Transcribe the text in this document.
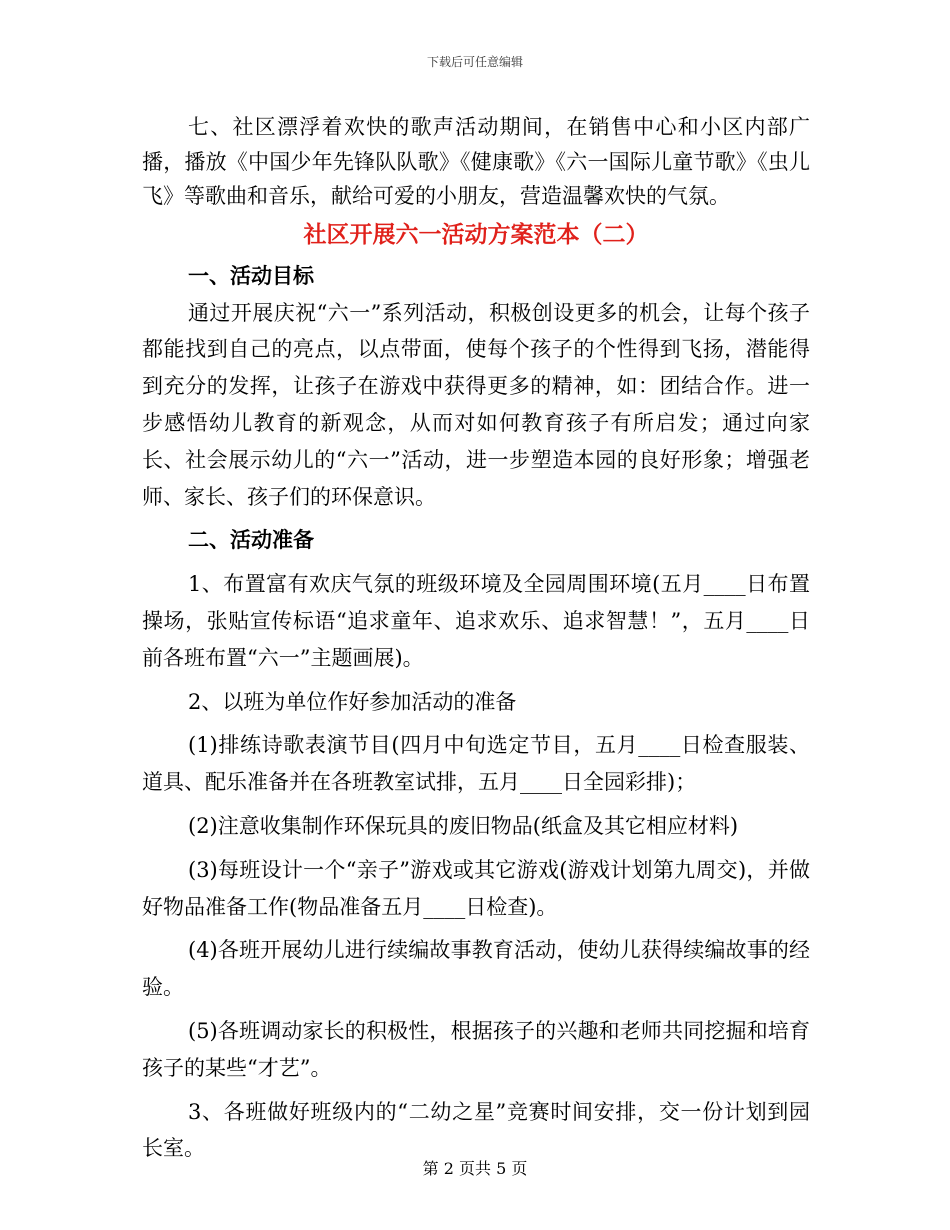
下载后可任意编辑

七、社区漂浮着欢快的歌声活动期间，在销售中心和小区内部广播，播放《中国少年先锋队队歌》《健康歌》《六一国际儿童节歌》《虫儿飞》等歌曲和音乐，献给可爱的小朋友，营造温馨欢快的气氛。

社区开展六一活动方案范本（二）

一、活动目标

通过开展庆祝“六一”系列活动，积极创设更多的机会，让每个孩子都能找到自己的亮点，以点带面，使每个孩子的个性得到飞扬，潜能得到充分的发挥，让孩子在游戏中获得更多的精神，如：团结合作。进一步感悟幼儿教育的新观念，从而对如何教育孩子有所启发；通过向家长、社会展示幼儿的“六一”活动，进一步塑造本园的良好形象；增强老师、家长、孩子们的环保意识。

二、活动准备

1、布置富有欢庆气氛的班级环境及全园周围环境(五月____日布置操场，张贴宣传标语“追求童年、追求欢乐、追求智慧！”，五月____日前各班布置“六一”主题画展)。

2、以班为单位作好参加活动的准备

(1)排练诗歌表演节目(四月中旬选定节目，五月____日检查服装、道具、配乐准备并在各班教室试排，五月____日全园彩排)；

(2)注意收集制作环保玩具的废旧物品(纸盒及其它相应材料)

(3)每班设计一个“亲子”游戏或其它游戏(游戏计划第九周交)，并做好物品准备工作(物品准备五月____日检查)。

(4)各班开展幼儿进行续编故事教育活动，使幼儿获得续编故事的经验。

(5)各班调动家长的积极性，根据孩子的兴趣和老师共同挖掘和培育孩子的某些“才艺”。

3、各班做好班级内的“二幼之星”竞赛时间安排，交一份计划到园长室。

第 2 页共 5 页
